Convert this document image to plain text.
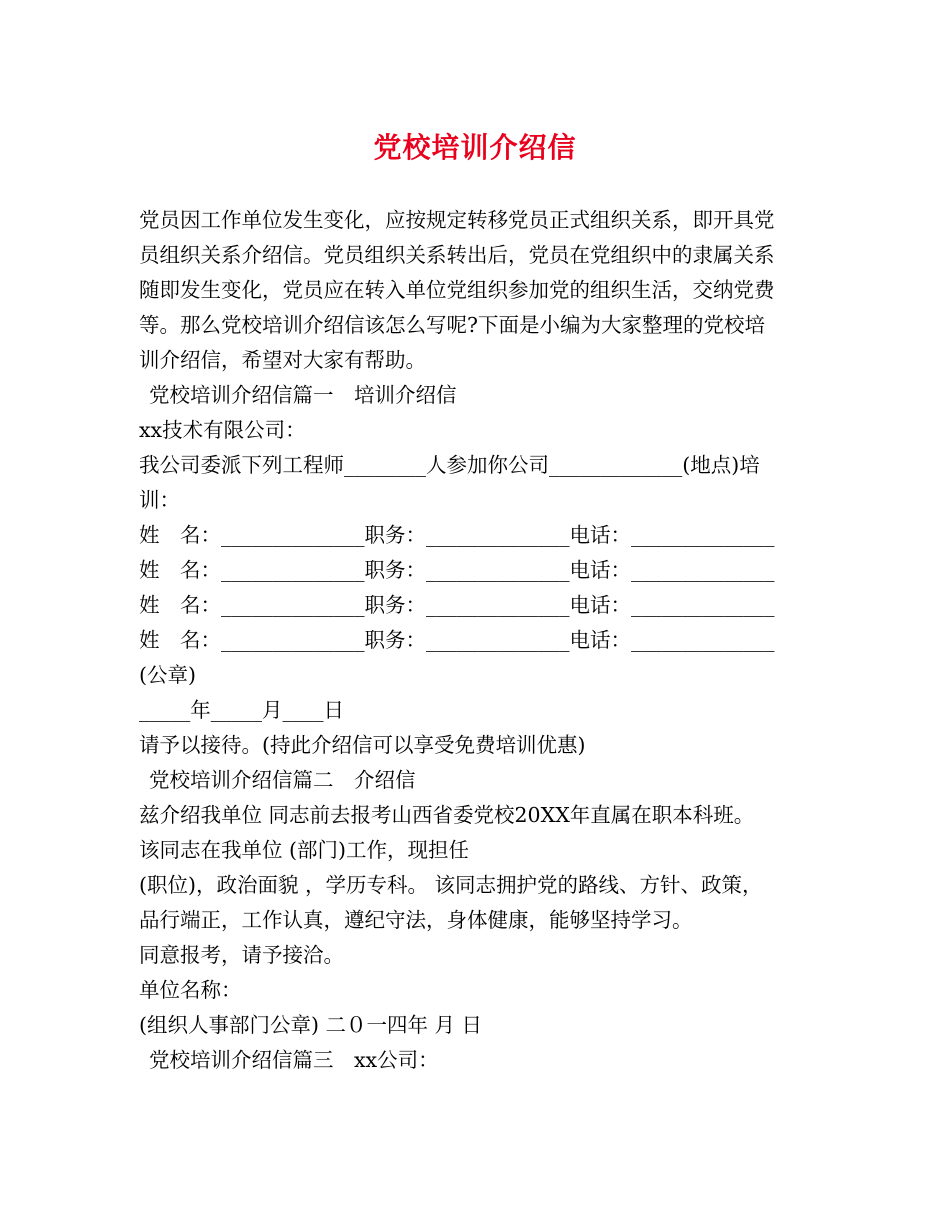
党校培训介绍信
党员因工作单位发生变化，应按规定转移党员正式组织关系，即开具党
员组织关系介绍信。党员组织关系转出后，党员在党组织中的隶属关系
随即发生变化，党员应在转入单位党组织参加党的组织生活，交纳党费
等。那么党校培训介绍信该怎么写呢?下面是小编为大家整理的党校培
训介绍信，希望对大家有帮助。
党校培训介绍信篇一　培训介绍信
xx技术有限公司：
我公司委派下列工程师________人参加你公司_____________(地点)培
训：
姓　名：______________职务：______________电话：______________
姓　名：______________职务：______________电话：______________
姓　名：______________职务：______________电话：______________
姓　名：______________职务：______________电话：______________
(公章)
_____年_____月____日
请予以接待。(持此介绍信可以享受免费培训优惠)
党校培训介绍信篇二　介绍信
兹介绍我单位 同志前去报考山西省委党校20XX年直属在职本科班。
该同志在我单位 (部门)工作，现担任
(职位)，政治面貌 ，学历专科。 该同志拥护党的路线、方针、政策，
品行端正，工作认真，遵纪守法，身体健康，能够坚持学习。
同意报考，请予接洽。
单位名称：
(组织人事部门公章) 二０一四年 月 日
党校培训介绍信篇三　xx公司：
